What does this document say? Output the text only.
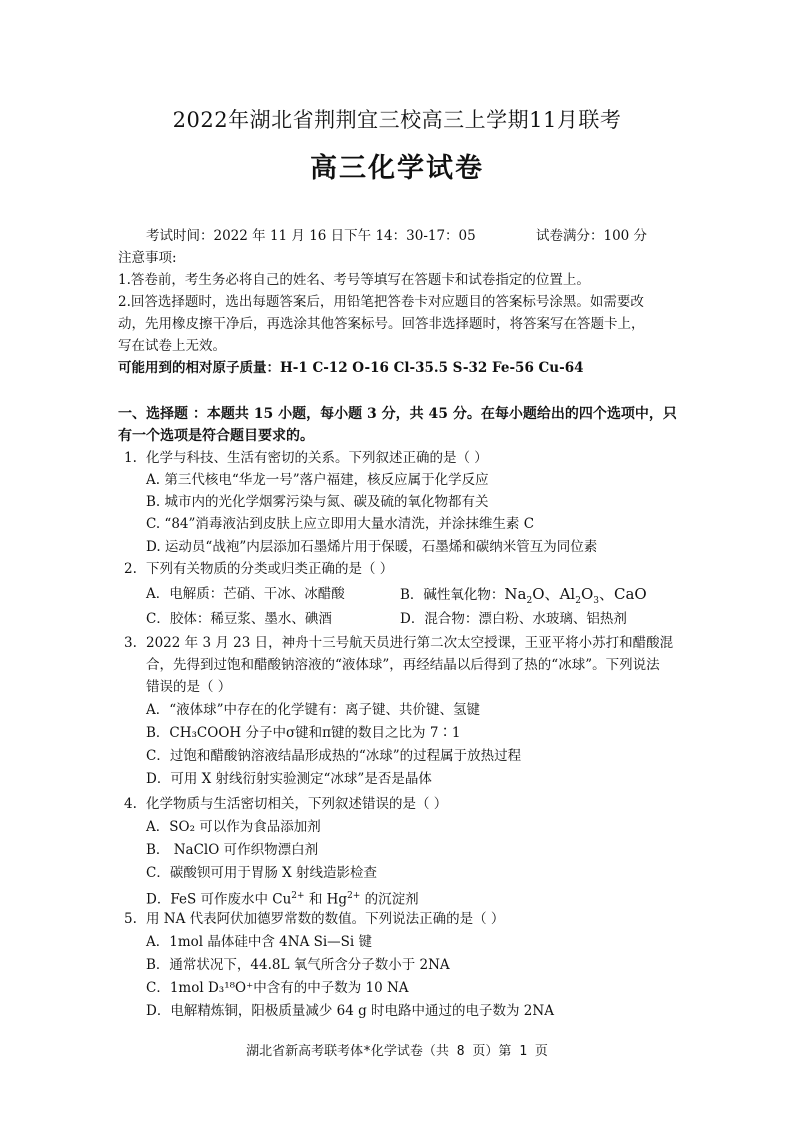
2022年湖北省荆荆宜三校高三上学期11月联考
高三化学试卷
考试时间：2022 年 11 月 16 日下午 14：30-17：05	试卷满分：100 分
注意事项:
1.答卷前，考生务必将自己的姓名、考号等填写在答题卡和试卷指定的位置上。
2.回答选择题时，选出每题答案后，用铅笔把答卷卡对应题目的答案标号涂黑。如需要改
动，先用橡皮擦干净后，再选涂其他答案标号。回答非选择题时，将答案写在答题卡上，
写在试卷上无效。
可能用到的相对原子质量：H-1 C-12 O-16 Cl-35.5 S-32 Fe-56 Cu-64
一、选择题 ：本题共 15 小题，每小题 3 分，共 45 分。在每小题给出的四个选项中，只
有一个选项是符合题目要求的。
1. 化学与科技、生活有密切的关系。下列叙述正确的是（ ）
A. 第三代核电“华龙一号”落户福建，核反应属于化学反应
B. 城市内的光化学烟雾污染与氮、碳及硫的氧化物都有关
C. “84”消毒液沾到皮肤上应立即用大量水清洗，并涂抹维生素 C
D. 运动员“战袍”内层添加石墨烯片用于保暖，石墨烯和碳纳米管互为同位素
2. 下列有关物质的分类或归类正确的是（ ）
A．电解质：芒硝、干冰、冰醋酸	B．碱性氧化物：$Na_2O$、$Al_2O_3$、CaO
C．胶体：稀豆浆、墨水、碘酒	D．混合物：漂白粉、水玻璃、铝热剂
3. 2022 年 3 月 23 日，神舟十三号航天员进行第二次太空授课，王亚平将小苏打和醋酸混
合，先得到过饱和醋酸钠溶液的“液体球”，再经结晶以后得到了热的“冰球”。下列说法
错误的是（ ）
A．“液体球”中存在的化学键有：离子键、共价键、氢键
B．CH₃COOH 分子中σ键和π键的数目之比为 7∶1
C．过饱和醋酸钠溶液结晶形成热的“冰球”的过程属于放热过程
D．可用 X 射线衍射实验测定“冰球”是否是晶体
4. 化学物质与生活密切相关，下列叙述错误的是（ ）
A．SO₂ 可以作为食品添加剂
B． NaClO 可作织物漂白剂
C．碳酸钡可用于胃肠 X 射线造影检查
D．FeS 可作废水中 $Cu^{2+}$ 和 $Hg^{2+}$ 的沉淀剂
5. 用 NA 代表阿伏加德罗常数的数值。下列说法正确的是（ ）
A．1mol 晶体硅中含 4NA Si—Si 键
B．通常状况下，44.8L 氧气所含分子数小于 2NA
C．1mol D₃¹⁸O⁺中含有的中子数为 10 NA
D．电解精炼铜，阳极质量减少 64 g 时电路中通过的电子数为 2NA
湖北省新高考联考体*化学试卷（共 8 页）第 1 页
